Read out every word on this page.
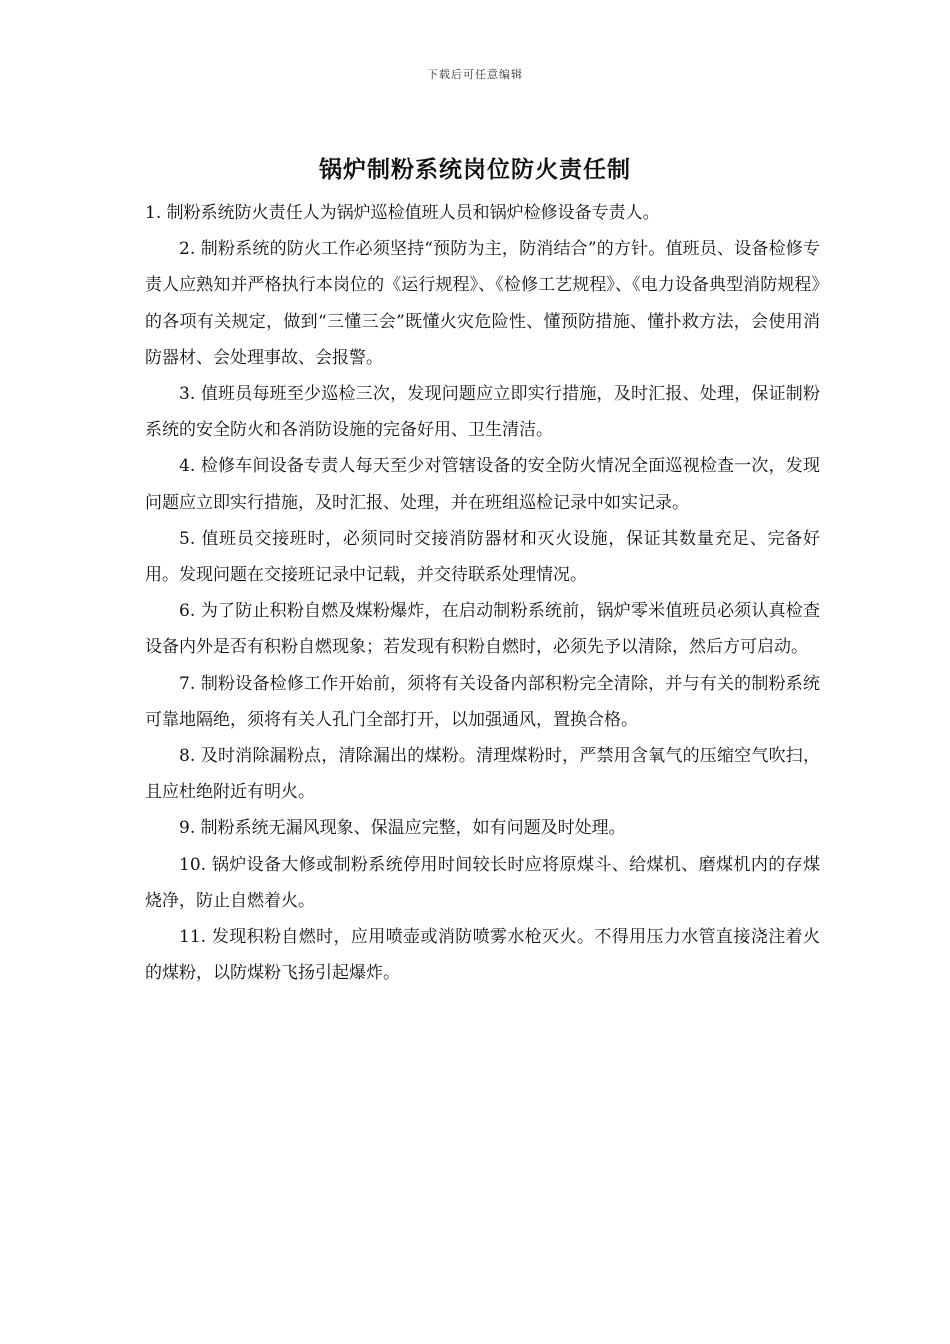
下载后可任意编辑
锅炉制粉系统岗位防火责任制

1. 制粉系统防火责任人为锅炉巡检值班人员和锅炉检修设备专责人。

2. 制粉系统的防火工作必须坚持“预防为主，防消结合”的方针。值班员、设备检修专责人应熟知并严格执行本岗位的《运行规程》、《检修工艺规程》、《电力设备典型消防规程》的各项有关规定，做到“三懂三会”既懂火灾危险性、懂预防措施、懂扑救方法，会使用消防器材、会处理事故、会报警。

3. 值班员每班至少巡检三次，发现问题应立即实行措施，及时汇报、处理，保证制粉系统的安全防火和各消防设施的完备好用、卫生清洁。

4. 检修车间设备专责人每天至少对管辖设备的安全防火情况全面巡视检查一次，发现问题应立即实行措施，及时汇报、处理，并在班组巡检记录中如实记录。

5. 值班员交接班时，必须同时交接消防器材和灭火设施，保证其数量充足、完备好用。发现问题在交接班记录中记载，并交待联系处理情况。

6. 为了防止积粉自燃及煤粉爆炸，在启动制粉系统前，锅炉零米值班员必须认真检查设备内外是否有积粉自燃现象；若发现有积粉自燃时，必须先予以清除，然后方可启动。

7. 制粉设备检修工作开始前，须将有关设备内部积粉完全清除，并与有关的制粉系统可靠地隔绝，须将有关人孔门全部打开，以加强通风，置换合格。

8. 及时消除漏粉点，清除漏出的煤粉。清理煤粉时，严禁用含氧气的压缩空气吹扫，且应杜绝附近有明火。

9. 制粉系统无漏风现象、保温应完整，如有问题及时处理。

10. 锅炉设备大修或制粉系统停用时间较长时应将原煤斗、给煤机、磨煤机内的存煤烧净，防止自燃着火。

11. 发现积粉自燃时，应用喷壶或消防喷雾水枪灭火。不得用压力水管直接浇注着火的煤粉，以防煤粉飞扬引起爆炸。
